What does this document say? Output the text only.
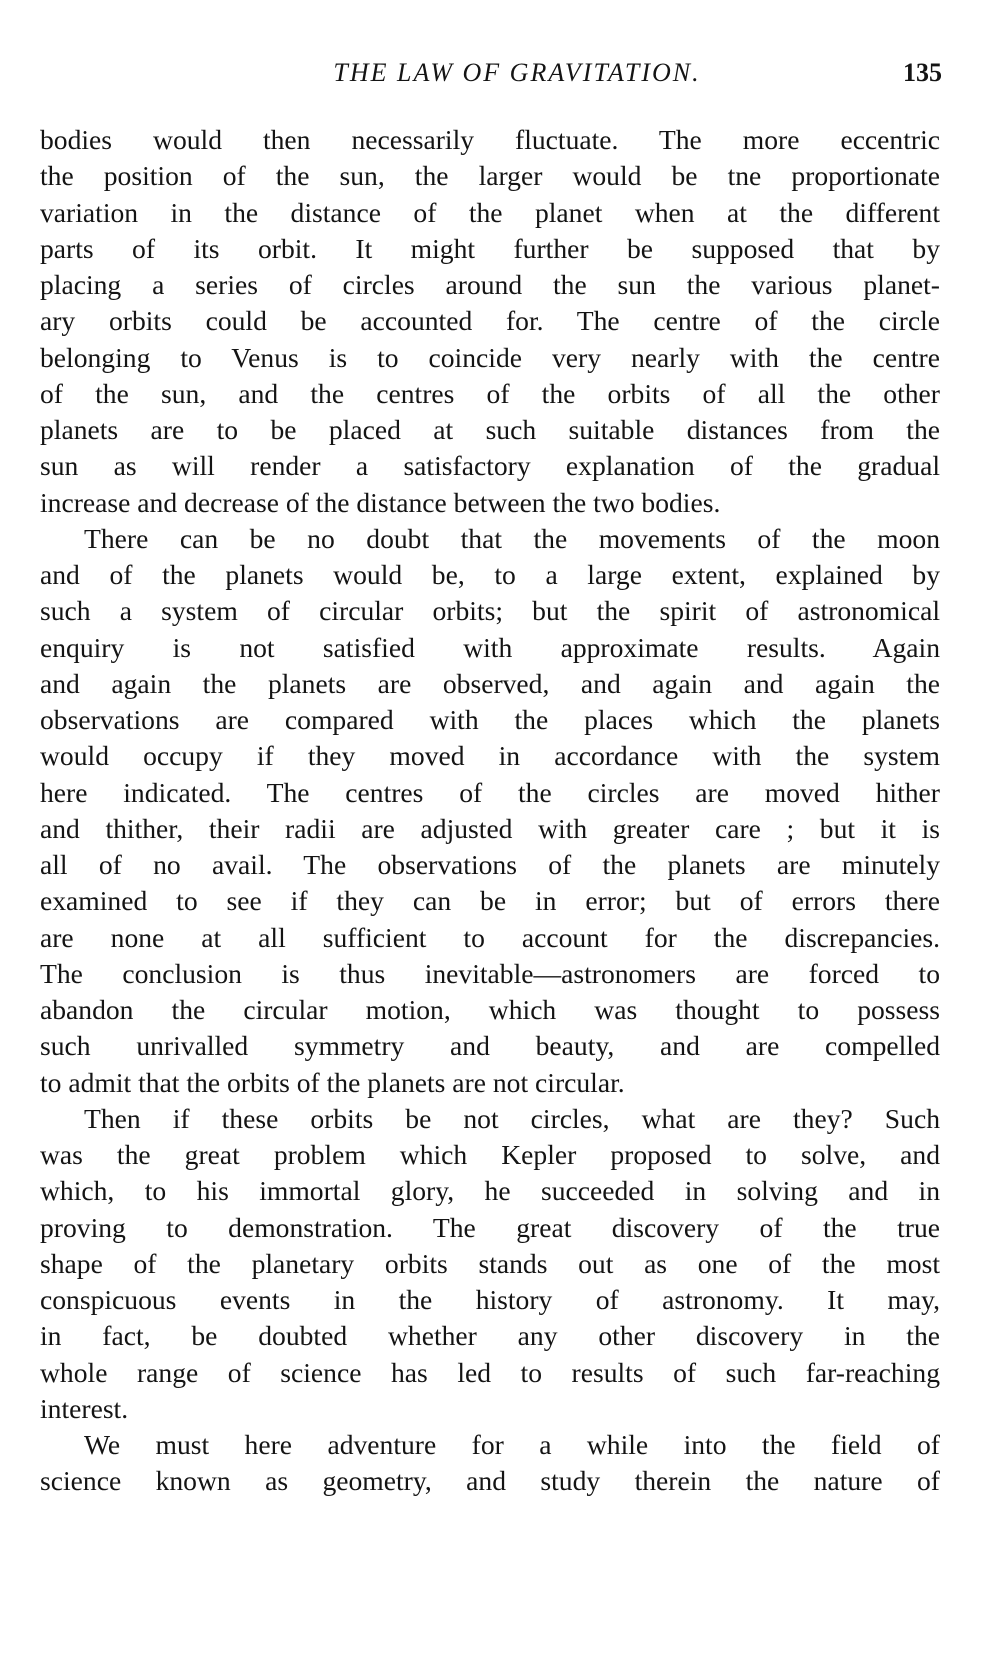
THE LAW OF GRAVITATION.	135
bodies would then necessarily fluctuate. The more eccentric
the position of the sun, the larger would be tne proportionate
variation in the distance of the planet when at the different
parts of its orbit. It might further be supposed that by
placing a series of circles around the sun the various planet-
ary orbits could be accounted for. The centre of the circle
belonging to Venus is to coincide very nearly with the centre
of the sun, and the centres of the orbits of all the other
planets are to be placed at such suitable distances from the
sun as will render a satisfactory explanation of the gradual
increase and decrease of the distance between the two bodies.
There can be no doubt that the movements of the moon
and of the planets would be, to a large extent, explained by
such a system of circular orbits; but the spirit of astronomical
enquiry is not satisfied with approximate results. Again
and again the planets are observed, and again and again the
observations are compared with the places which the planets
would occupy if they moved in accordance with the system
here indicated. The centres of the circles are moved hither
and thither, their radii are adjusted with greater care ; but it is
all of no avail. The observations of the planets are minutely
examined to see if they can be in error; but of errors there
are none at all sufficient to account for the discrepancies.
The conclusion is thus inevitable—astronomers are forced to
abandon the circular motion, which was thought to possess
such unrivalled symmetry and beauty, and are compelled
to admit that the orbits of the planets are not circular.
Then if these orbits be not circles, what are they? Such
was the great problem which Kepler proposed to solve, and
which, to his immortal glory, he succeeded in solving and in
proving to demonstration. The great discovery of the true
shape of the planetary orbits stands out as one of the most
conspicuous events in the history of astronomy. It may,
in fact, be doubted whether any other discovery in the
whole range of science has led to results of such far-reaching
interest.
We must here adventure for a while into the field of
science known as geometry, and study therein the nature of
